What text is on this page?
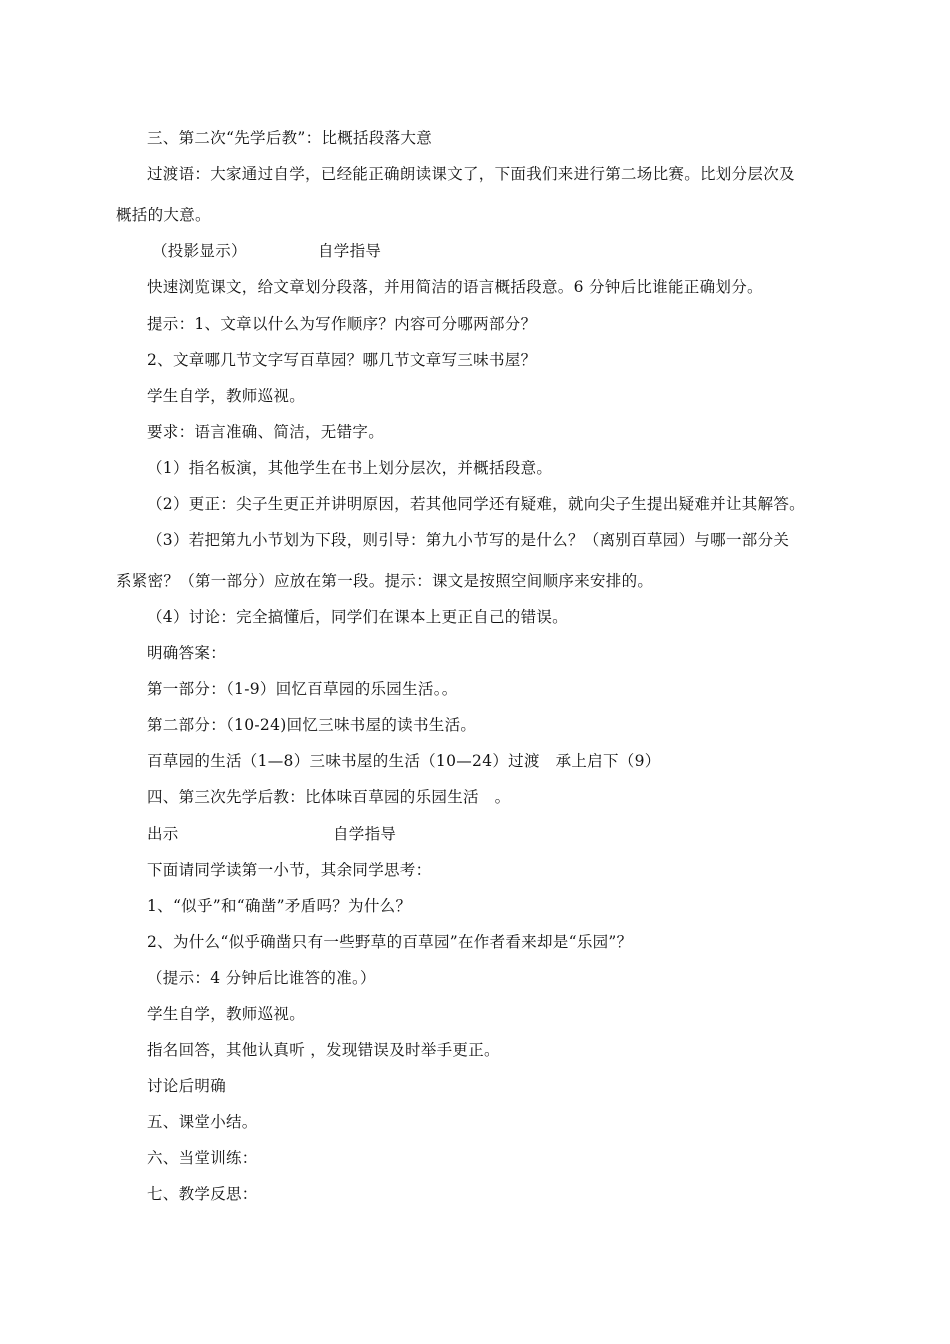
三、第二次“先学后教”：比概括段落大意
过渡语：大家通过自学，已经能正确朗读课文了，下面我们来进行第二场比赛。比划分层次及
概括的大意。
（投影显示）	自学指导
快速浏览课文，给文章划分段落，并用简洁的语言概括段意。6 分钟后比谁能正确划分。
提示：1、文章以什么为写作顺序？内容可分哪两部分？
2、文章哪几节文字写百草园？哪几节文章写三味书屋？
学生自学，教师巡视。
要求：语言准确、简洁，无错字。
（1）指名板演，其他学生在书上划分层次，并概括段意。
（2）更正：尖子生更正并讲明原因，若其他同学还有疑难，就向尖子生提出疑难并让其解答。
（3）若把第九小节划为下段，则引导：第九小节写的是什么？（离别百草园）与哪一部分关
系紧密？（第一部分）应放在第一段。提示：课文是按照空间顺序来安排的。
（4）讨论：完全搞懂后，同学们在课本上更正自己的错误。
明确答案：
第一部分：（1-9）回忆百草园的乐园生活。。
第二部分：（10-24)回忆三味书屋的读书生活。
百草园的生活（1—8）三味书屋的生活（10—24）过渡　承上启下（9）
四、第三次先学后教：比体味百草园的乐园生活　。
出示	自学指导
下面请同学读第一小节，其余同学思考：
1、“似乎”和“确凿”矛盾吗？为什么？
2、为什么“似乎确凿只有一些野草的百草园”在作者看来却是“乐园”？
（提示：4 分钟后比谁答的准。）
学生自学，教师巡视。
指名回答，其他认真听 ，发现错误及时举手更正。
讨论后明确
五、课堂小结。
六、当堂训练：
七、教学反思：
